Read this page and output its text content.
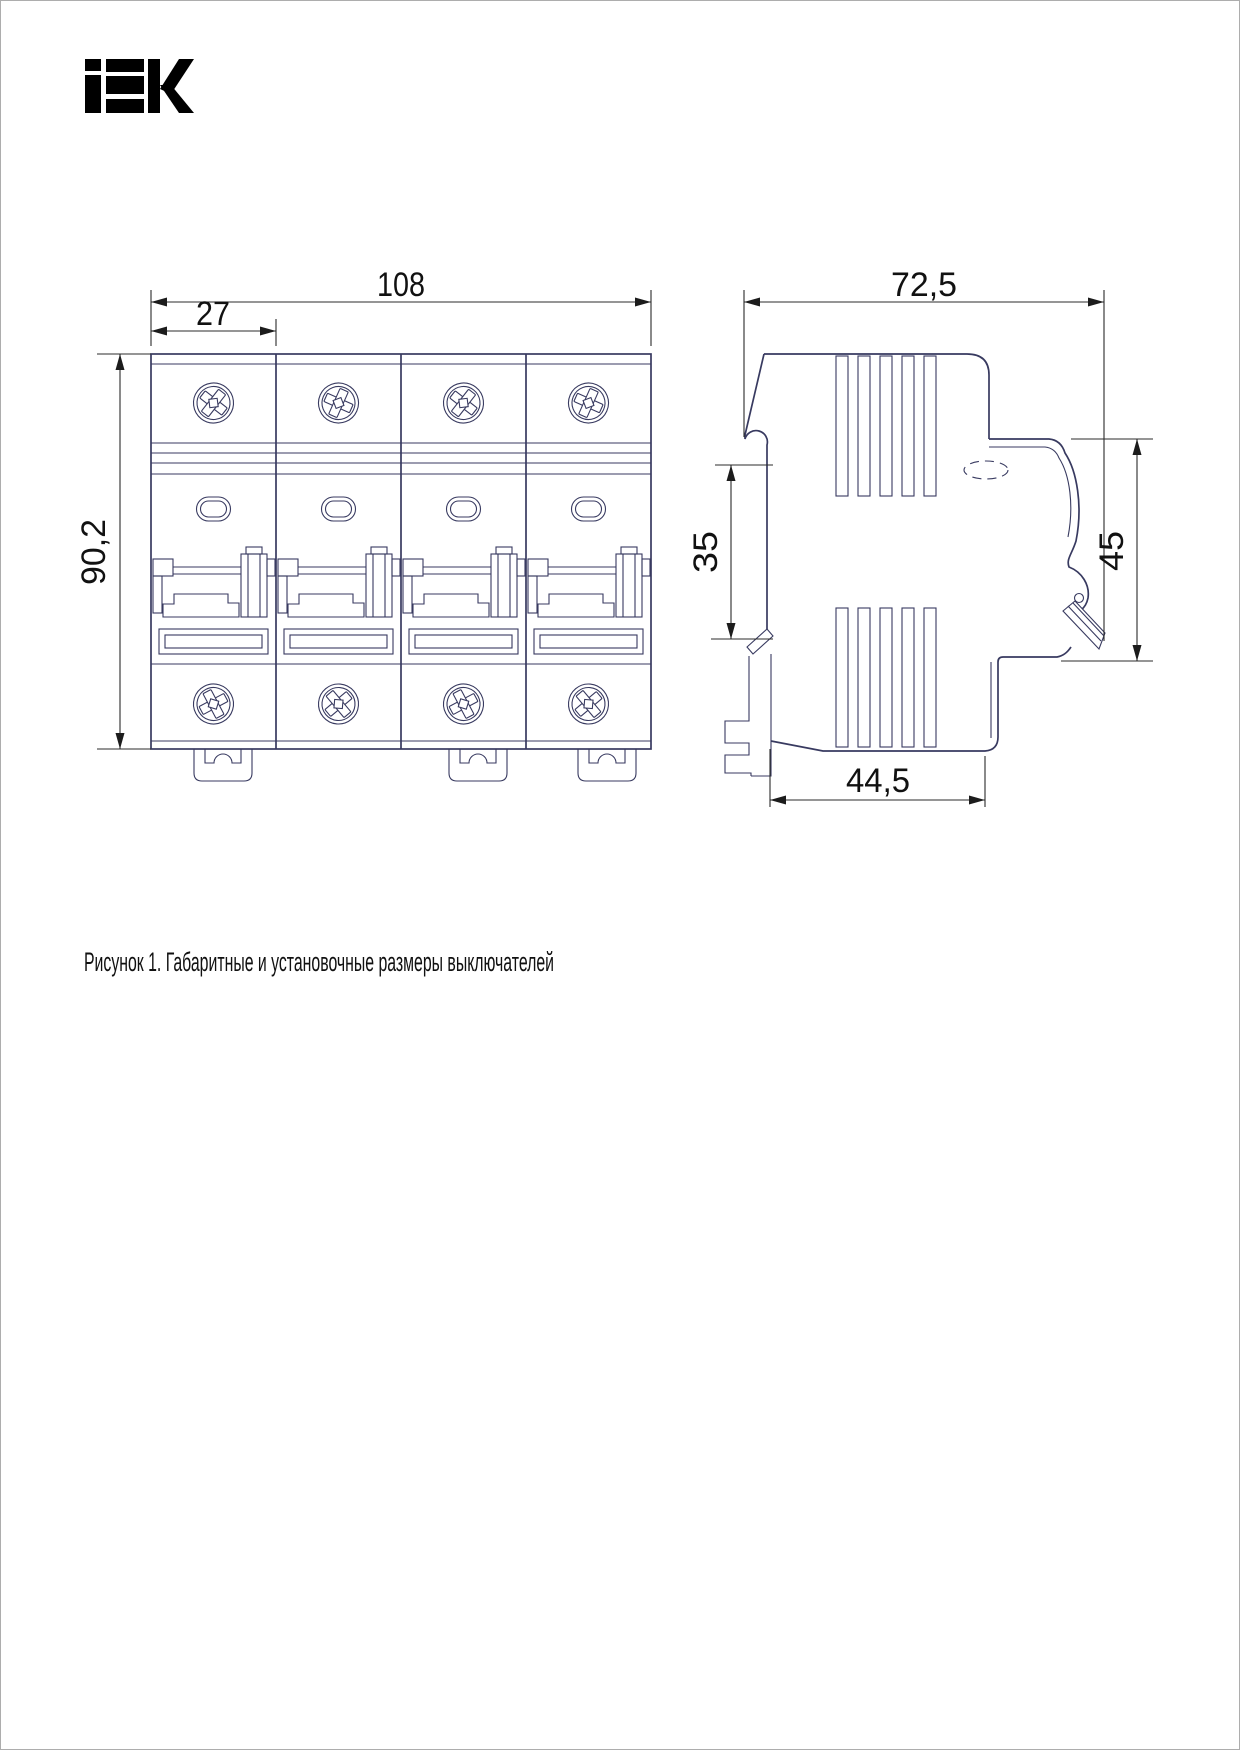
108
27
90,2
72,5
35	45
44,5
Рисунок 1. Габаритные и установочные размеры выключателей
